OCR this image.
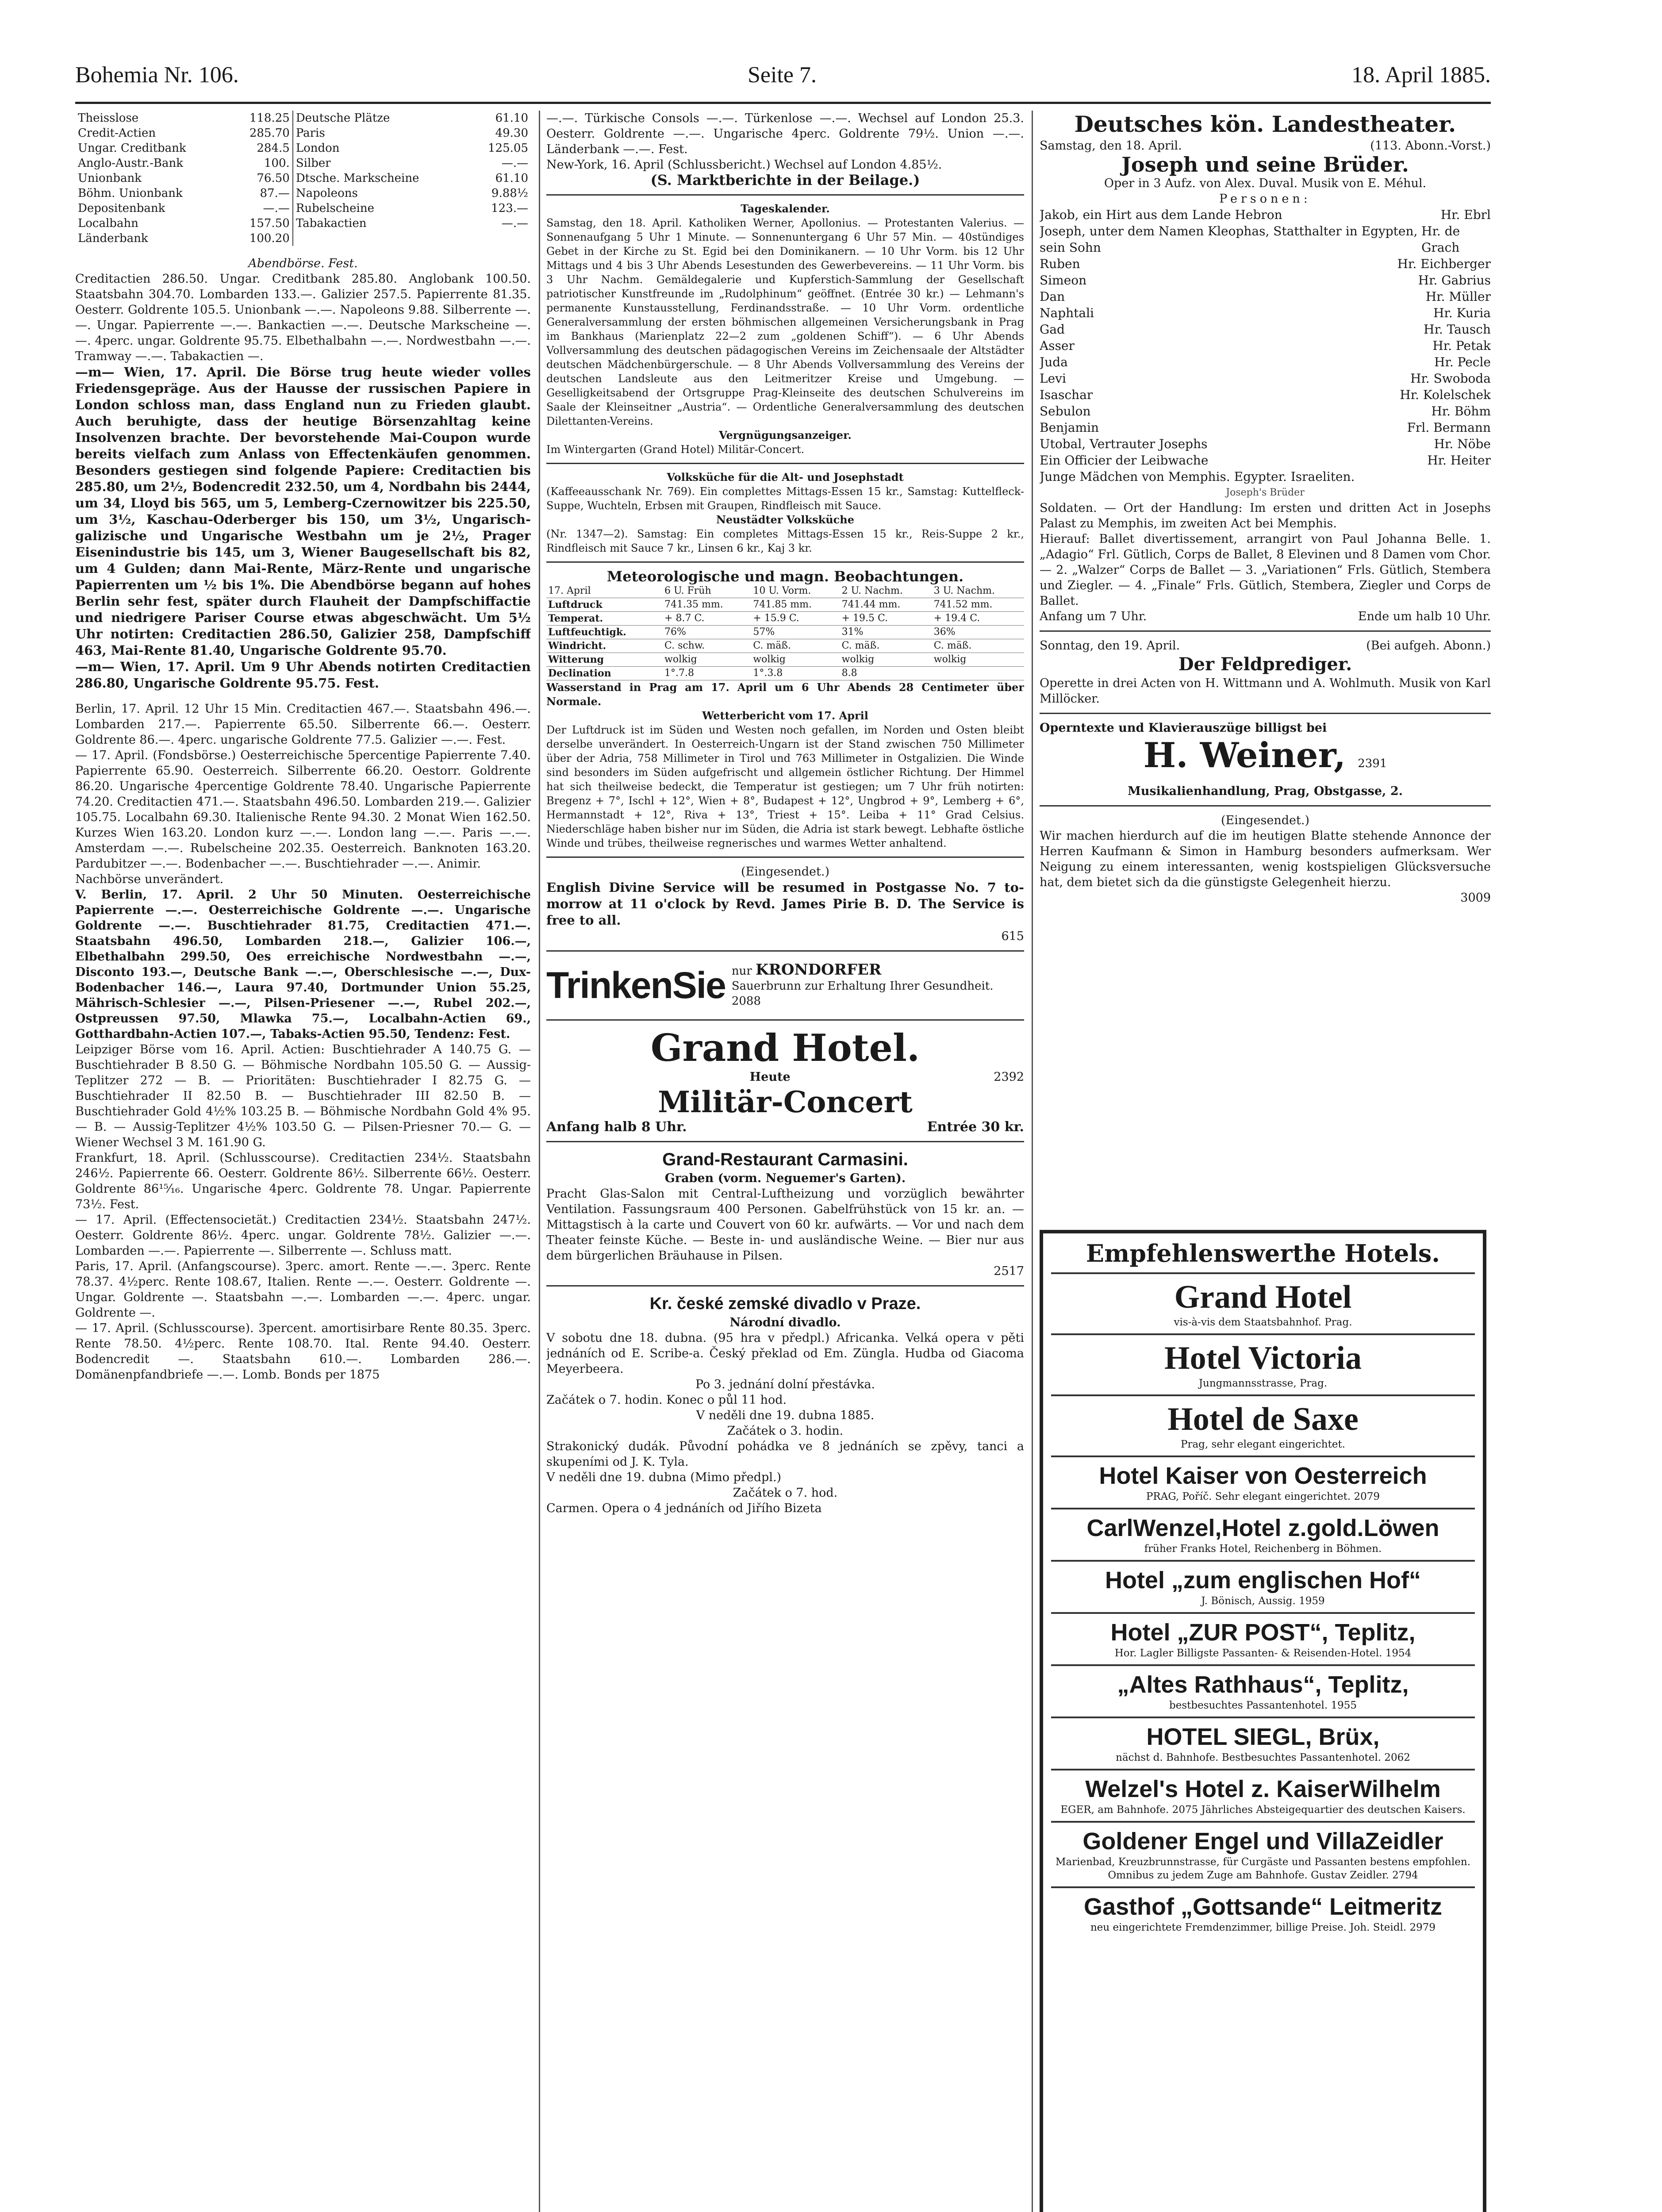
Bohemia Nr. 106.	Seite 7.	18. April 1885.
Theisslose	118.25	Deutsche Plätze	61.10
Credit-Actien	285.70	Paris	49.30
Ungar. Creditbank	284.5	London	125.05
Anglo-Austr.-Bank	100.	Silber	—.—
Unionbank	76.50	Dtsche. Markscheine	61.10
Böhm. Unionbank	87.—	Napoleons	9.88½
Depositenbank	—.—	Rubelscheine	123.—
Localbahn	157.50	Tabakactien	—.—
Länderbank	100.20		

Abendbörse. Fest.

Creditactien 286.50. Ungar. Creditbank 285.80. Anglobank 100.50. Staatsbahn 304.70. Lombarden 133.—. Galizier 257.5. Papierrente 81.35. Oesterr. Goldrente 105.5. Unionbank —.—. Napoleons 9.88. Silberrente —.—. Ungar. Papierrente —.—. Bankactien —.—. Deutsche Markscheine —.—. 4perc. ungar. Goldrente 95.75. Elbethalbahn —.—. Nordwestbahn —.—. Tramway —.—. Tabakactien —.

—m— Wien, 17. April. Die Börse trug heute wieder volles Friedensgepräge. Aus der Hausse der russischen Papiere in London schloss man, dass England nun zu Frieden glaubt. Auch beruhigte, dass der heutige Börsenzahltag keine Insolvenzen brachte. Der bevorstehende Mai-Coupon wurde bereits vielfach zum Anlass von Effectenkäufen genommen. Besonders gestiegen sind folgende Papiere: Creditactien bis 285.80, um 2½, Bodencredit 232.50, um 4, Nordbahn bis 2444, um 34, Lloyd bis 565, um 5, Lemberg-Czernowitzer bis 225.50, um 3½, Kaschau-Oderberger bis 150, um 3½, Ungarisch-galizische und Ungarische Westbahn um je 2½, Prager Eisenindustrie bis 145, um 3, Wiener Baugesellschaft bis 82, um 4 Gulden; dann Mai-Rente, März-Rente und ungarische Papierrenten um ½ bis 1%. Die Abendbörse begann auf hohes Berlin sehr fest, später durch Flauheit der Dampfschiffactie und niedrigere Pariser Course etwas abgeschwächt. Um 5½ Uhr notirten: Creditactien 286.50, Galizier 258, Dampfschiff 463, Mai-Rente 81.40, Ungarische Goldrente 95.70.

—m— Wien, 17. April. Um 9 Uhr Abends notirten Creditactien 286.80, Ungarische Goldrente 95.75. Fest.

Berlin, 17. April. 12 Uhr 15 Min. Creditactien 467.—. Staatsbahn 496.—. Lombarden 217.—. Papierrente 65.50. Silberrente 66.—. Oesterr. Goldrente 86.—. 4perc. ungarische Goldrente 77.5. Galizier —.—. Fest.

— 17. April. (Fondsbörse.) Oesterreichische 5percentige Papierrente 7.40. Papierrente 65.90. Oesterreich. Silberrente 66.20. Oestorr. Goldrente 86.20. Ungarische 4percentige Goldrente 78.40. Ungarische Papierrente 74.20. Creditactien 471.—. Staatsbahn 496.50. Lombarden 219.—. Galizier 105.75. Localbahn 69.30. Italienische Rente 94.30. 2 Monat Wien 162.50. Kurzes Wien 163.20. London kurz —.—. London lang —.—. Paris —.—. Amsterdam —.—. Rubelscheine 202.35. Oesterreich. Banknoten 163.20. Pardubitzer —.—. Bodenbacher —.—. Buschtiehrader —.—. Animir.

Nachbörse unverändert.

V. Berlin, 17. April. 2 Uhr 50 Minuten. Oesterreichische Papierrente —.—. Oesterreichische Goldrente —.—. Ungarische Goldrente —.—. Buschtiehrader 81.75, Creditactien 471.—. Staatsbahn 496.50, Lombarden 218.—, Galizier 106.—, Elbethalbahn 299.50, Oes erreichische Nordwestbahn —.—, Disconto 193.—, Deutsche Bank —.—, Oberschlesische —.—, Dux-Bodenbacher 146.—, Laura 97.40, Dortmunder Union 55.25, Mährisch-Schlesier —.—, Pilsen-Priesener —.—, Rubel 202.—, Ostpreussen 97.50, Mlawka 75.—, Localbahn-Actien 69., Gotthardbahn-Actien 107.—, Tabaks-Actien 95.50, Tendenz: Fest.

Leipziger Börse vom 16. April. Actien: Buschtiehrader A 140.75 G. — Buschtiehrader B 8.50 G. — Böhmische Nordbahn 105.50 G. — Aussig-Teplitzer 272 — B. — Prioritäten: Buschtiehrader I 82.75 G. — Buschtiehrader II 82.50 B. — Buschtiehrader III 82.50 B. — Buschtiehrader Gold 4½% 103.25 B. — Böhmische Nordbahn Gold 4% 95.— B. — Aussig-Teplitzer 4½% 103.50 G. — Pilsen-Priesner 70.— G. — Wiener Wechsel 3 M. 161.90 G.

Frankfurt, 18. April. (Schlusscourse). Creditactien 234½. Staatsbahn 246½. Papierrente 66. Oesterr. Goldrente 86½. Silberrente 66½. Oesterr. Goldrente 86¹⁵⁄₁₆. Ungarische 4perc. Goldrente 78. Ungar. Papierrente 73½. Fest.

— 17. April. (Effectensocietät.) Creditactien 234½. Staatsbahn 247½. Oesterr. Goldrente 86½. 4perc. ungar. Goldrente 78½. Galizier —.—. Lombarden —.—. Papierrente —. Silberrente —. Schluss matt.

Paris, 17. April. (Anfangscourse). 3perc. amort. Rente —.—. 3perc. Rente 78.37. 4½perc. Rente 108.67, Italien. Rente —.—. Oesterr. Goldrente —. Ungar. Goldrente —. Staatsbahn —.—. Lombarden —.—. 4perc. ungar. Goldrente —.

— 17. April. (Schlusscourse). 3percent. amortisirbare Rente 80.35. 3perc. Rente 78.50. 4½perc. Rente 108.70. Ital. Rente 94.40. Oesterr. Bodencredit —. Staatsbahn 610.—. Lombarden 286.—. Domänenpfandbriefe —.—. Lomb. Bonds per 1875

—.—. Türkische Consols —.—. Türkenlose —.—. Wechsel auf London 25.3. Oesterr. Goldrente —.—. Ungarische 4perc. Goldrente 79½. Union —.—. Länderbank —.—. Fest.

New-York, 16. April (Schlussbericht.) Wechsel auf London 4.85½.

(S. Marktberichte in der Beilage.)

Tageskalender.

Samstag, den 18. April. Katholiken Werner, Apollonius. — Protestanten Valerius. — Sonnenaufgang 5 Uhr 1 Minute. — Sonnenuntergang 6 Uhr 57 Min. — 40stündiges Gebet in der Kirche zu St. Egid bei den Dominikanern. — 10 Uhr Vorm. bis 12 Uhr Mittags und 4 bis 3 Uhr Abends Lesestunden des Gewerbevereins. — 11 Uhr Vorm. bis 3 Uhr Nachm. Gemäldegalerie und Kupferstich-Sammlung der Gesellschaft patriotischer Kunstfreunde im „Rudolphinum“ geöffnet. (Entrée 30 kr.) — Lehmann's permanente Kunstausstellung, Ferdinandsstraße. — 10 Uhr Vorm. ordentliche Generalversammlung der ersten böhmischen allgemeinen Versicherungsbank in Prag im Bankhaus (Marienplatz 22—2 zum „goldenen Schiff“). — 6 Uhr Abends Vollversammlung des deutschen pädagogischen Vereins im Zeichensaale der Altstädter deutschen Mädchenbürgerschule. — 8 Uhr Abends Vollversammlung des Vereins der deutschen Landsleute aus den Leitmeritzer Kreise und Umgebung. — Geselligkeitsabend der Ortsgruppe Prag-Kleinseite des deutschen Schulvereins im Saale der Kleinseitner „Austria“. — Ordentliche Generalversammlung des deutschen Dilettanten-Vereins.

Vergnügungsanzeiger.

Im Wintergarten (Grand Hotel) Militär-Concert.

Volksküche für die Alt- und Josephstadt

(Kaffeeausschank Nr. 769). Ein complettes Mittags-Essen 15 kr., Samstag: Kuttelfleck-Suppe, Wuchteln, Erbsen mit Graupen, Rindfleisch mit Sauce.

Neustädter Volksküche

(Nr. 1347—2). Samstag: Ein completes Mittags-Essen 15 kr., Reis-Suppe 2 kr., Rindfleisch mit Sauce 7 kr., Linsen 6 kr., Kaj 3 kr.

Meteorologische und magn. Beobachtungen.

17. April	6 U. Früh	10 U. Vorm.	2 U. Nachm.	3 U. Nachm.
Luftdruck	741.35 mm.	741.85 mm.	741.44 mm.	741.52 mm.
Temperat.	+ 8.7 C.	+ 15.9 C.	+ 19.5 C.	+ 19.4 C.
Luftfeuchtigk.	76%	57%	31%	36%
Windricht.	C. schw.	C. mäß.	C. mäß.	C. mäß.
Witterung	wolkig	wolkig	wolkig	wolkig
Declination	1°.7.8	1°.3.8	8.8	

Wasserstand in Prag am 17. April um 6 Uhr Abends 28 Centimeter über Normale.

Wetterbericht vom 17. April

Der Luftdruck ist im Süden und Westen noch gefallen, im Norden und Osten bleibt derselbe unverändert. In Oesterreich-Ungarn ist der Stand zwischen 750 Millimeter über der Adria, 758 Millimeter in Tirol und 763 Millimeter in Ostgalizien. Die Winde sind besonders im Süden aufgefrischt und allgemein östlicher Richtung. Der Himmel hat sich theilweise bedeckt, die Temperatur ist gestiegen; um 7 Uhr früh notirten: Bregenz + 7°, Ischl + 12°, Wien + 8°, Budapest + 12°, Ungbrod + 9°, Lemberg + 6°, Hermannstadt + 12°, Riva + 13°, Triest + 15°. Leiba + 11° Grad Celsius. Niederschläge haben bisher nur im Süden, die Adria ist stark bewegt. Lebhafte östliche Winde und trübes, theilweise regnerisches und warmes Wetter anhaltend.

(Eingesendet.)

English Divine Service will be resumed in Postgasse No. 7 to-morrow at 11 o'clock by Revd. James Pirie B. D. The Service is free to all.

615

TrinkenSie nur KRONDORFER
Sauerbrunn zur Erhaltung Ihrer Gesundheit. 2088

Grand Hotel.

Heute	2392

Militär-Concert

Anfang halb 8 Uhr.	Entrée 30 kr.

Grand-Restaurant Carmasini.

Graben (vorm. Neguemer's Garten).

Pracht Glas-Salon mit Central-Luftheizung und vorzüglich bewährter Ventilation. Fassungsraum 400 Personen. Gabelfrühstück von 15 kr. an. — Mittagstisch à la carte und Couvert von 60 kr. aufwärts. — Vor und nach dem Theater feinste Küche. — Beste in- und ausländische Weine. — Bier nur aus dem bürgerlichen Bräuhause in Pilsen.

2517

Kr. české zemské divadlo v Praze.

Národní divadlo.

V sobotu dne 18. dubna. (95 hra v předpl.) Africanka. Velká opera v pěti jednáních od E. Scribe-a. Český překlad od Em. Züngla. Hudba od Giacoma Meyerbeera.

Po 3. jednání dolní přestávka.

Začátek o 7. hodin. Konec o půl 11 hod.

V neděli dne 19. dubna 1885.

Začátek o 3. hodin.

Strakonický dudák. Původní pohádka ve 8 jednáních se zpěvy, tanci a skupeními od J. K. Tyla.

V neděli dne 19. dubna (Mimo předpl.)

Začátek o 7. hod.

Carmen. Opera o 4 jednáních od Jiřího Bizeta

Deutsches kön. Landestheater.

Samstag, den 18. April.	(113. Abonn.-Vorst.)

Joseph und seine Brüder.

Oper in 3 Aufz. von Alex. Duval. Musik von E. Méhul.

Personen:

Jakob, ein Hirt aus dem Lande Hebron	Hr. Ebrl
Joseph, unter dem Namen Kleophas, Statthalter in Egypten, sein Sohn
Hr. de Grach
Ruben	Hr. Eichberger
Simeon	Hr. Gabrius
Dan	Hr. Müller
Naphtali	Hr. Kuria
Gad	Hr. Tausch
Asser	Hr. Petak
Juda	Hr. Pecle
Levi	Hr. Swoboda
Isaschar	Hr. Kolelschek
Sebulon	Hr. Böhm
Benjamin	Frl. Bermann
Utobal, Vertrauter Josephs	Hr. Nöbe
Ein Officier der Leibwache	Hr. Heiter
Junge Mädchen von Memphis. Egypter. Israeliten.

Joseph's Brüder

Soldaten. — Ort der Handlung: Im ersten und dritten Act in Josephs Palast zu Memphis, im zweiten Act bei Memphis.

Hierauf: Ballet divertissement, arrangirt von Paul Johanna Belle. 1. „Adagio“ Frl. Gütlich, Corps de Ballet, 8 Elevinen und 8 Damen vom Chor. — 2. „Walzer“ Corps de Ballet — 3. „Variationen“ Frls. Gütlich, Stembera und Ziegler. — 4. „Finale“ Frls. Gütlich, Stembera, Ziegler und Corps de Ballet.

Anfang um 7 Uhr.	Ende um halb 10 Uhr.

Sonntag, den 19. April.	(Bei aufgeh. Abonn.)

Der Feldprediger.

Operette in drei Acten von H. Wittmann und A. Wohlmuth. Musik von Karl Millöcker.

Operntexte und Klavierauszüge billigst bei

H. Weiner, 2391

Musikalienhandlung, Prag, Obstgasse, 2.

(Eingesendet.)

Wir machen hierdurch auf die im heutigen Blatte stehende Annonce der Herren Kaufmann & Simon in Hamburg besonders aufmerksam. Wer Neigung zu einem interessanten, wenig kostspieligen Glücksversuche hat, dem bietet sich da die günstigste Gelegenheit hierzu.

3009

Empfehlenswerthe Hotels.

Grand Hotel

vis-à-vis dem Staatsbahnhof. Prag.

Hotel Victoria

Jungmannsstrasse, Prag.

Hotel de Saxe

Prag, sehr elegant eingerichtet.

Hotel Kaiser von Oesterreich

PRAG, Poříč. Sehr elegant eingerichtet. 2079

CarlWenzel,Hotel z.gold.Löwen

früher Franks Hotel, Reichenberg in Böhmen.

Hotel „zum englischen Hof“

J. Bönisch, Aussig. 1959

Hotel „ZUR POST“, Teplitz,

Hor. Lagler Billigste Passanten- & Reisenden-Hotel. 1954

„Altes Rathhaus“, Teplitz,

bestbesuchtes Passantenhotel. 1955

HOTEL SIEGL, Brüx,

nächst d. Bahnhofe. Bestbesuchtes Passantenhotel. 2062

Welzel's Hotel z. KaiserWilhelm

EGER, am Bahnhofe. 2075 Jährliches Absteigequartier des deutschen Kaisers.

Goldener Engel und VillaZeidler

Marienbad, Kreuzbrunnstrasse, für Curgäste und Passanten bestens empfohlen. Omnibus zu jedem Zuge am Bahnhofe. Gustav Zeidler. 2794

Gasthof „Gottsande“ Leitmeritz

neu eingerichtete Fremdenzimmer, billige Preise. Joh. Steidl. 2979
